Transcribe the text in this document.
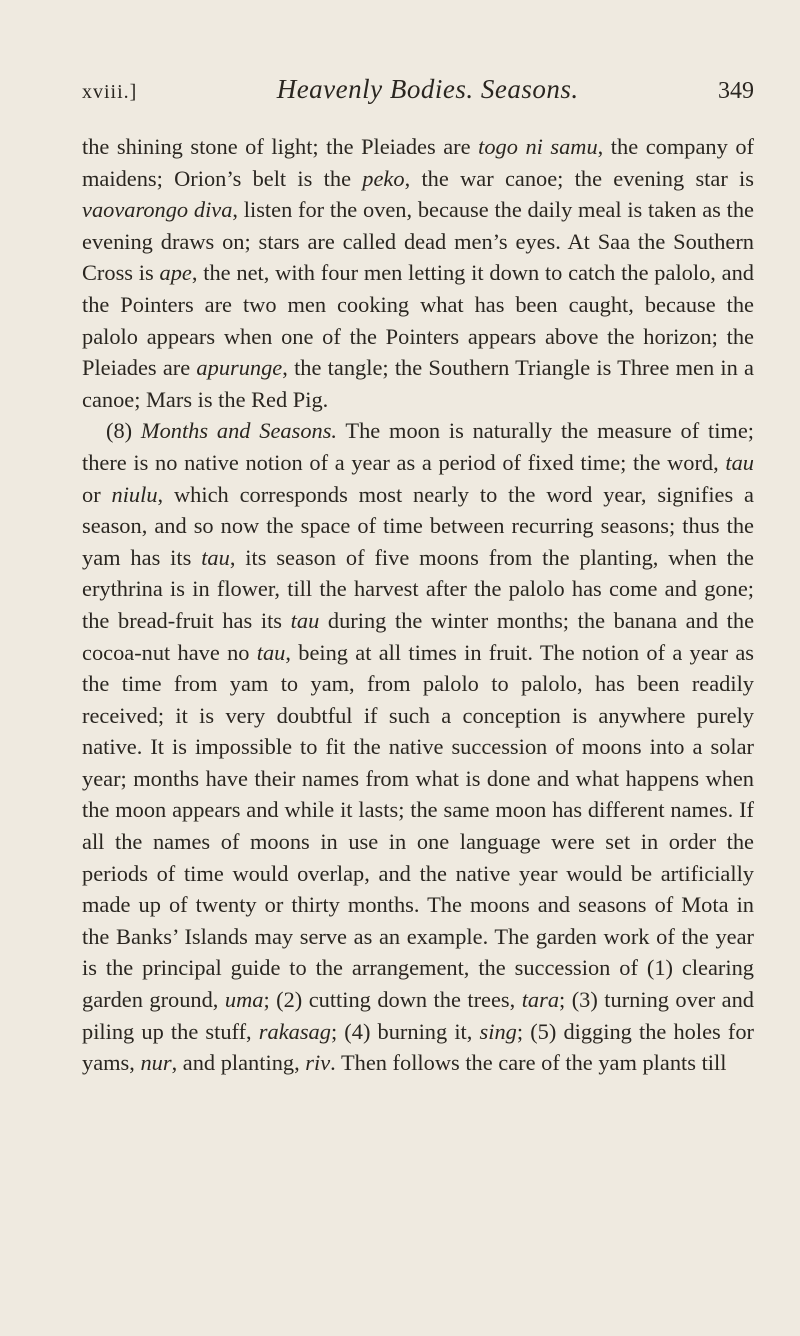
xviii.]	Heavenly Bodies. Seasons.	349

the shining stone of light; the Pleiades are togo ni samu, the company of maidens; Orion’s belt is the peko, the war canoe; the evening star is vaovarongo diva, listen for the oven, because the daily meal is taken as the evening draws on; stars are called dead men’s eyes. At Saa the Southern Cross is ape, the net, with four men letting it down to catch the palolo, and the Pointers are two men cooking what has been caught, because the palolo appears when one of the Pointers appears above the horizon; the Pleiades are apurunge, the tangle; the Southern Triangle is Three men in a canoe; Mars is the Red Pig.

(8) Months and Seasons. The moon is naturally the measure of time; there is no native notion of a year as a period of fixed time; the word, tau or niulu, which corresponds most nearly to the word year, signifies a season, and so now the space of time between recurring seasons; thus the yam has its tau, its season of five moons from the planting, when the erythrina is in flower, till the harvest after the palolo has come and gone; the bread-fruit has its tau during the winter months; the banana and the cocoa-nut have no tau, being at all times in fruit. The notion of a year as the time from yam to yam, from palolo to palolo, has been readily received; it is very doubtful if such a conception is anywhere purely native. It is impossible to fit the native succession of moons into a solar year; months have their names from what is done and what happens when the moon appears and while it lasts; the same moon has different names. If all the names of moons in use in one language were set in order the periods of time would overlap, and the native year would be artificially made up of twenty or thirty months. The moons and seasons of Mota in the Banks’ Islands may serve as an example. The garden work of the year is the principal guide to the arrangement, the succession of (1) clearing garden ground, uma; (2) cutting down the trees, tara; (3) turning over and piling up the stuff, rakasag; (4) burning it, sing; (5) digging the holes for yams, nur, and planting, riv. Then follows the care of the yam plants till
